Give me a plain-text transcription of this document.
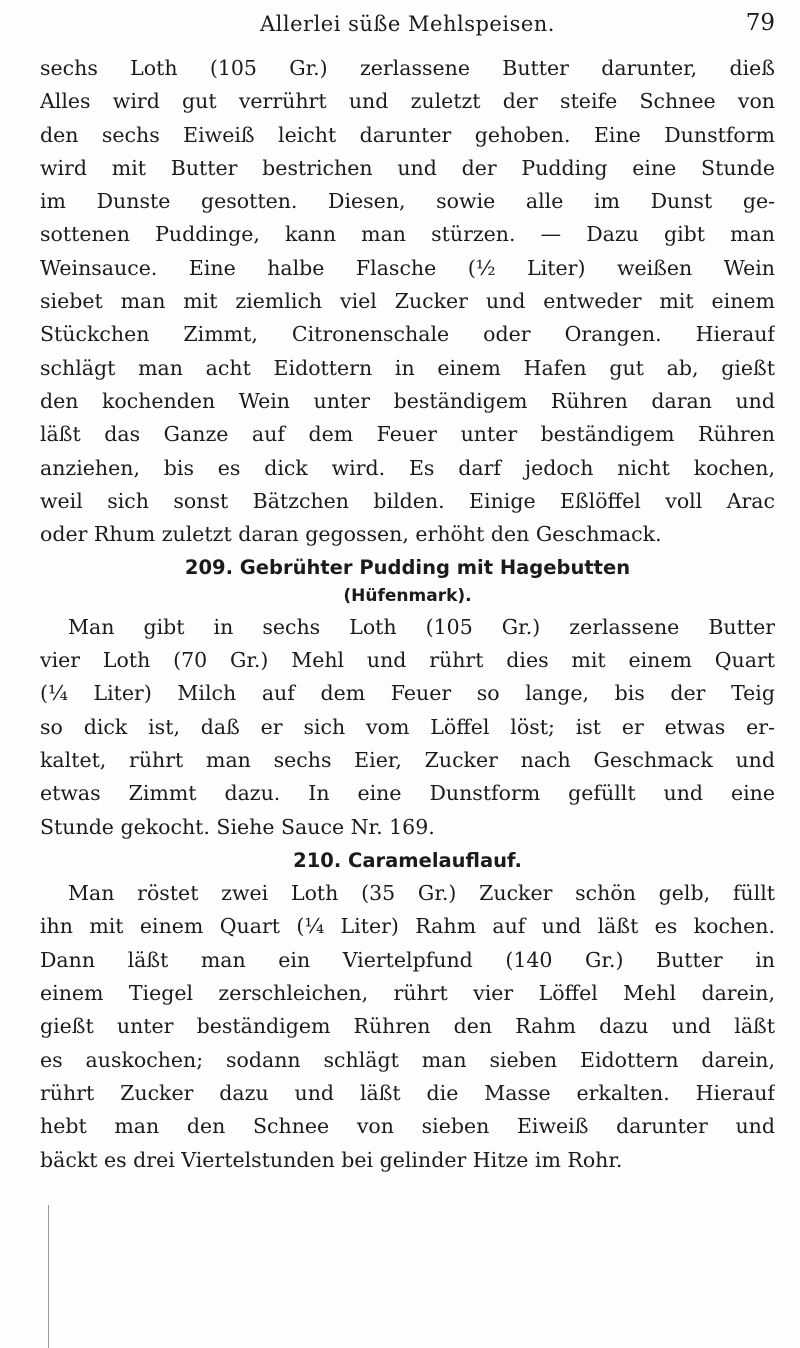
Allerlei süße Mehlspeisen.	79
sechs Loth (105 Gr.) zerlassene Butter darunter, dieß
Alles wird gut verrührt und zuletzt der steife Schnee von
den sechs Eiweiß leicht darunter gehoben. Eine Dunstform
wird mit Butter bestrichen und der Pudding eine Stunde
im Dunste gesotten. Diesen, sowie alle im Dunst ge-
sottenen Puddinge, kann man stürzen. — Dazu gibt man
Weinsauce. Eine halbe Flasche (½ Liter) weißen Wein
siebet man mit ziemlich viel Zucker und entweder mit einem
Stückchen Zimmt, Citronenschale oder Orangen. Hierauf
schlägt man acht Eidottern in einem Hafen gut ab, gießt
den kochenden Wein unter beständigem Rühren daran und
läßt das Ganze auf dem Feuer unter beständigem Rühren
anziehen, bis es dick wird. Es darf jedoch nicht kochen,
weil sich sonst Bätzchen bilden. Einige Eßlöffel voll Arac
oder Rhum zuletzt daran gegossen, erhöht den Geschmack.
209. Gebrühter Pudding mit Hagebutten
(Hüfenmark).
Man gibt in sechs Loth (105 Gr.) zerlassene Butter
vier Loth (70 Gr.) Mehl und rührt dies mit einem Quart
(¼ Liter) Milch auf dem Feuer so lange, bis der Teig
so dick ist, daß er sich vom Löffel löst; ist er etwas er-
kaltet, rührt man sechs Eier, Zucker nach Geschmack und
etwas Zimmt dazu. In eine Dunstform gefüllt und eine
Stunde gekocht. Siehe Sauce Nr. 169.
210. Caramelauflauf.
Man röstet zwei Loth (35 Gr.) Zucker schön gelb, füllt
ihn mit einem Quart (¼ Liter) Rahm auf und läßt es kochen.
Dann läßt man ein Viertelpfund (140 Gr.) Butter in
einem Tiegel zerschleichen, rührt vier Löffel Mehl darein,
gießt unter beständigem Rühren den Rahm dazu und läßt
es auskochen; sodann schlägt man sieben Eidottern darein,
rührt Zucker dazu und läßt die Masse erkalten. Hierauf
hebt man den Schnee von sieben Eiweiß darunter und
bäckt es drei Viertelstunden bei gelinder Hitze im Rohr.
